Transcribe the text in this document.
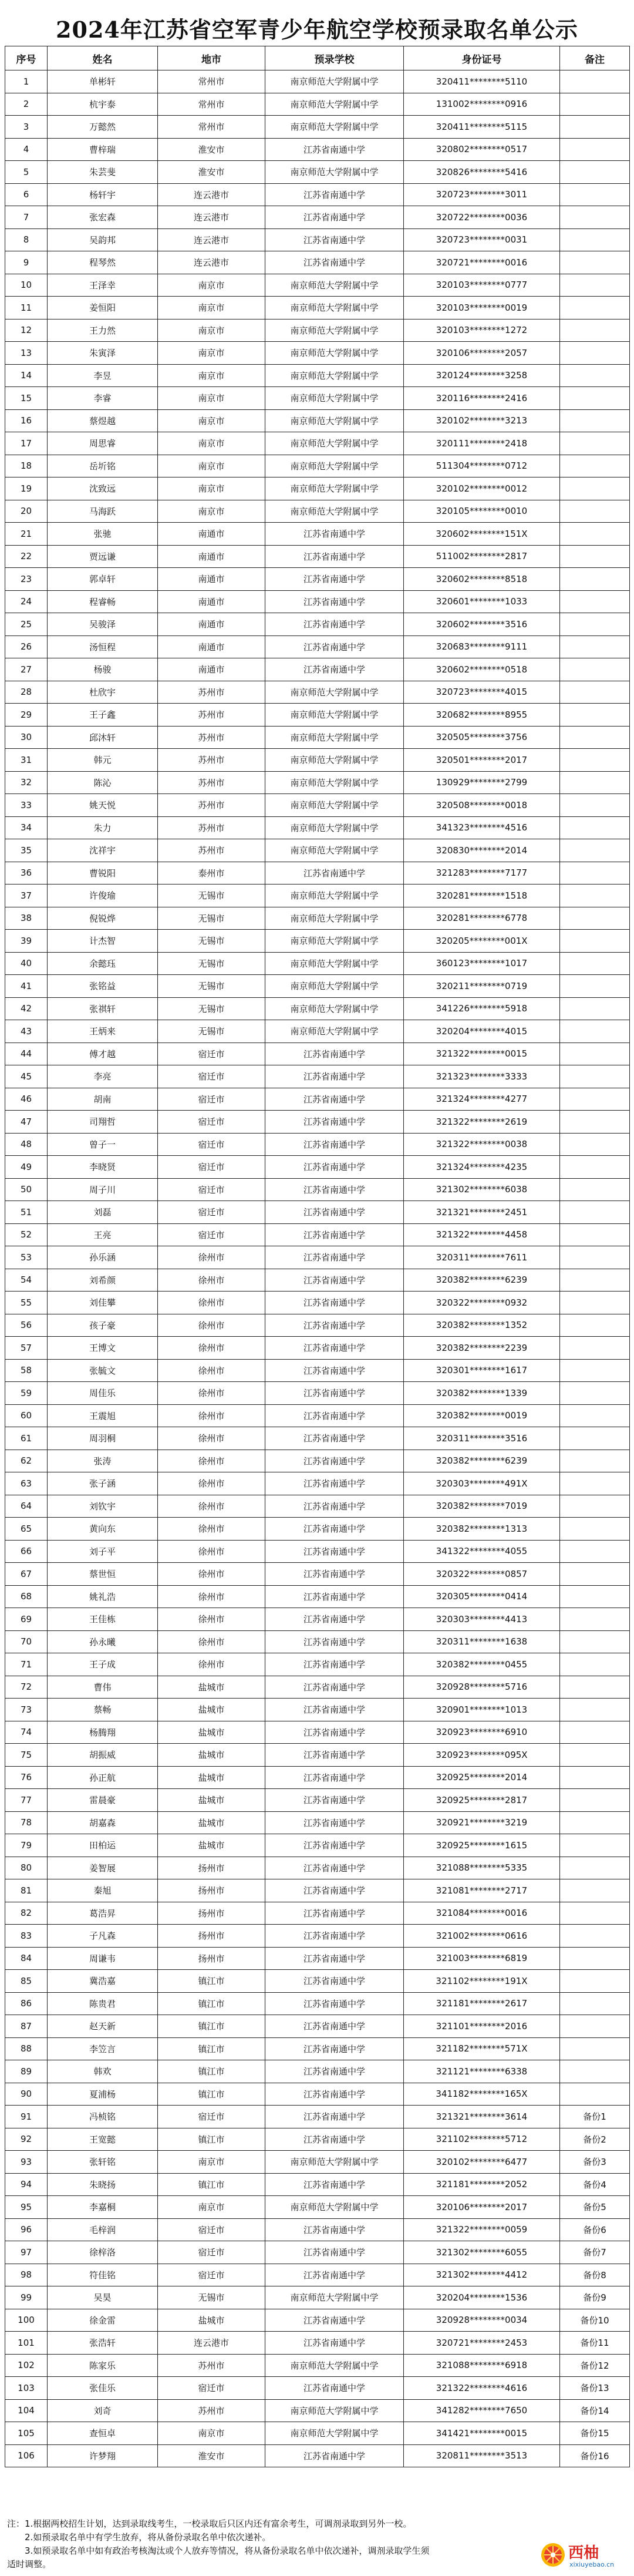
2024年江苏省空军青少年航空学校预录取名单公示
序号	姓名	地市	预录学校	身份证号	备注
1	单彬轩	常州市	南京师范大学附属中学	320411********5110	
2	杭宇泰	常州市	南京师范大学附属中学	131002********0916	
3	万懿然	常州市	南京师范大学附属中学	320411********5115	
4	曹梓瑞	淮安市	江苏省南通中学	320802********0517	
5	朱芸斐	淮安市	南京师范大学附属中学	320826********5416	
6	杨轩宇	连云港市	江苏省南通中学	320723********3011	
7	张宏森	连云港市	江苏省南通中学	320722********0036	
8	吴韵邦	连云港市	江苏省南通中学	320723********0031	
9	程琴然	连云港市	江苏省南通中学	320721********0016	
10	王泽幸	南京市	南京师范大学附属中学	320103********0777	
11	姜恒阳	南京市	南京师范大学附属中学	320103********0019	
12	王力然	南京市	南京师范大学附属中学	320103********1272	
13	朱寅泽	南京市	南京师范大学附属中学	320106********2057	
14	李昱	南京市	南京师范大学附属中学	320124********3258	
15	李睿	南京市	南京师范大学附属中学	320116********2416	
16	蔡煜越	南京市	南京师范大学附属中学	320102********3213	
17	周思睿	南京市	南京师范大学附属中学	320111********2418	
18	岳圻铭	南京市	南京师范大学附属中学	511304********0712	
19	沈致远	南京市	南京师范大学附属中学	320102********0012	
20	马海跃	南京市	南京师范大学附属中学	320105********0010	
21	张驰	南通市	江苏省南通中学	320602********151X	
22	贾远谦	南通市	江苏省南通中学	511002********2817	
23	郭卓轩	南通市	江苏省南通中学	320602********8518	
24	程睿畅	南通市	江苏省南通中学	320601********1033	
25	吴骏泽	南通市	江苏省南通中学	320602********3516	
26	汤恒程	南通市	江苏省南通中学	320683********9111	
27	杨骏	南通市	江苏省南通中学	320602********0518	
28	杜欣宇	苏州市	南京师范大学附属中学	320723********4015	
29	王子鑫	苏州市	南京师范大学附属中学	320682********8955	
30	邱沐轩	苏州市	南京师范大学附属中学	320505********3756	
31	韩元	苏州市	南京师范大学附属中学	320501********2017	
32	陈沁	苏州市	南京师范大学附属中学	130929********2799	
33	姚天悦	苏州市	南京师范大学附属中学	320508********0018	
34	朱力	苏州市	南京师范大学附属中学	341323********4516	
35	沈祥宇	苏州市	南京师范大学附属中学	320830********2014	
36	曹锐阳	泰州市	江苏省南通中学	321283********7177	
37	许俊瑜	无锡市	南京师范大学附属中学	320281********1518	
38	倪锐烨	无锡市	南京师范大学附属中学	320281********6778	
39	计杰智	无锡市	南京师范大学附属中学	320205********001X	
40	余懿珏	无锡市	南京师范大学附属中学	360123********1017	
41	张铭益	无锡市	南京师范大学附属中学	320211********0719	
42	张祺轩	无锡市	南京师范大学附属中学	341226********5918	
43	王炳来	无锡市	南京师范大学附属中学	320204********4015	
44	傅才越	宿迁市	江苏省南通中学	321322********0015	
45	李亮	宿迁市	江苏省南通中学	321323********3333	
46	胡南	宿迁市	江苏省南通中学	321324********4277	
47	司翔哲	宿迁市	江苏省南通中学	321322********2619	
48	曾子一	宿迁市	江苏省南通中学	321322********0038	
49	李晓贤	宿迁市	江苏省南通中学	321324********4235	
50	周子川	宿迁市	江苏省南通中学	321302********6038	
51	刘磊	宿迁市	江苏省南通中学	321321********2451	
52	王亮	宿迁市	江苏省南通中学	321322********4458	
53	孙乐涵	徐州市	江苏省南通中学	320311********7611	
54	刘希颜	徐州市	江苏省南通中学	320382********6239	
55	刘佳攀	徐州市	江苏省南通中学	320322********0932	
56	孩子豪	徐州市	江苏省南通中学	320382********1352	
57	王博文	徐州市	江苏省南通中学	320382********2239	
58	张毓文	徐州市	江苏省南通中学	320301********1617	
59	周佳乐	徐州市	江苏省南通中学	320382********1339	
60	王震旭	徐州市	江苏省南通中学	320382********0019	
61	周羽桐	徐州市	江苏省南通中学	320311********3516	
62	张涛	徐州市	江苏省南通中学	320382********6239	
63	张子涵	徐州市	江苏省南通中学	320303********491X	
64	刘钦宇	徐州市	江苏省南通中学	320382********7019	
65	黄向东	徐州市	江苏省南通中学	320382********1313	
66	刘子平	徐州市	江苏省南通中学	341322********4055	
67	蔡世恒	徐州市	江苏省南通中学	320322********0857	
68	姚礼浩	徐州市	江苏省南通中学	320305********0414	
69	王佳栋	徐州市	江苏省南通中学	320303********4413	
70	孙永曦	徐州市	江苏省南通中学	320311********1638	
71	王子成	徐州市	江苏省南通中学	320382********0455	
72	曹伟	盐城市	江苏省南通中学	320928********5716	
73	蔡畅	盐城市	江苏省南通中学	320901********1013	
74	杨腾翔	盐城市	江苏省南通中学	320923********6910	
75	胡振威	盐城市	江苏省南通中学	320923********095X	
76	孙正航	盐城市	江苏省南通中学	320925********2014	
77	雷晨豪	盐城市	江苏省南通中学	320925********2817	
78	胡嘉森	盐城市	江苏省南通中学	320921********3219	
79	田柏运	盐城市	江苏省南通中学	320925********1615	
80	姜智展	扬州市	江苏省南通中学	321088********5335	
81	秦旭	扬州市	江苏省南通中学	321081********2717	
82	葛浩昇	扬州市	江苏省南通中学	321084********0016	
83	子凡森	扬州市	江苏省南通中学	321002********0616	
84	周谦韦	扬州市	江苏省南通中学	321003********6819	
85	冀浩嘉	镇江市	江苏省南通中学	321102********191X	
86	陈贵君	镇江市	江苏省南通中学	321181********2617	
87	赵天新	镇江市	江苏省南通中学	321101********2016	
88	李笠言	镇江市	江苏省南通中学	321182********571X	
89	韩欢	镇江市	江苏省南通中学	321121********6338	
90	夏浦杨	镇江市	江苏省南通中学	341182********165X	
91	冯桢铭	宿迁市	江苏省南通中学	321321********3614	备份1
92	王宽懿	镇江市	江苏省南通中学	321102********5712	备份2
93	张轩铭	南京市	南京师范大学附属中学	320102********6477	备份3
94	朱晓扬	镇江市	江苏省南通中学	321181********2052	备份4
95	李嘉桐	南京市	南京师范大学附属中学	320106********2017	备份5
96	毛梓润	宿迁市	江苏省南通中学	321322********0059	备份6
97	徐梓洛	宿迁市	江苏省南通中学	321302********6055	备份7
98	符佳铭	宿迁市	江苏省南通中学	321302********4412	备份8
99	吴昊	无锡市	南京师范大学附属中学	320204********1536	备份9
100	徐金雷	盐城市	江苏省南通中学	320928********0034	备份10
101	张浩轩	连云港市	江苏省南通中学	320721********2453	备份11
102	陈家乐	苏州市	南京师范大学附属中学	321088********6918	备份12
103	张佳乐	宿迁市	江苏省南通中学	321322********4616	备份13
104	刘奇	苏州市	南京师范大学附属中学	341282********7650	备份14
105	查恒卓	南京市	南京师范大学附属中学	341421********0015	备份15
106	许梦翔	淮安市	江苏省南通中学	320811********3513	备份16

注：1.根据两校招生计划，达到录取线考生，一校录取后只区内还有富余考生，可调剂录取到另外一校。

　　2.如预录取名单中有学生放弃，将从备份录取名单中依次递补。

　　3.如预录取名单中如有政治考核淘汰或个人放弃等情况，将从备份录取名单中依次递补，调剂录取学生须

适时调整。

西柚
xixiuyebao.cn
